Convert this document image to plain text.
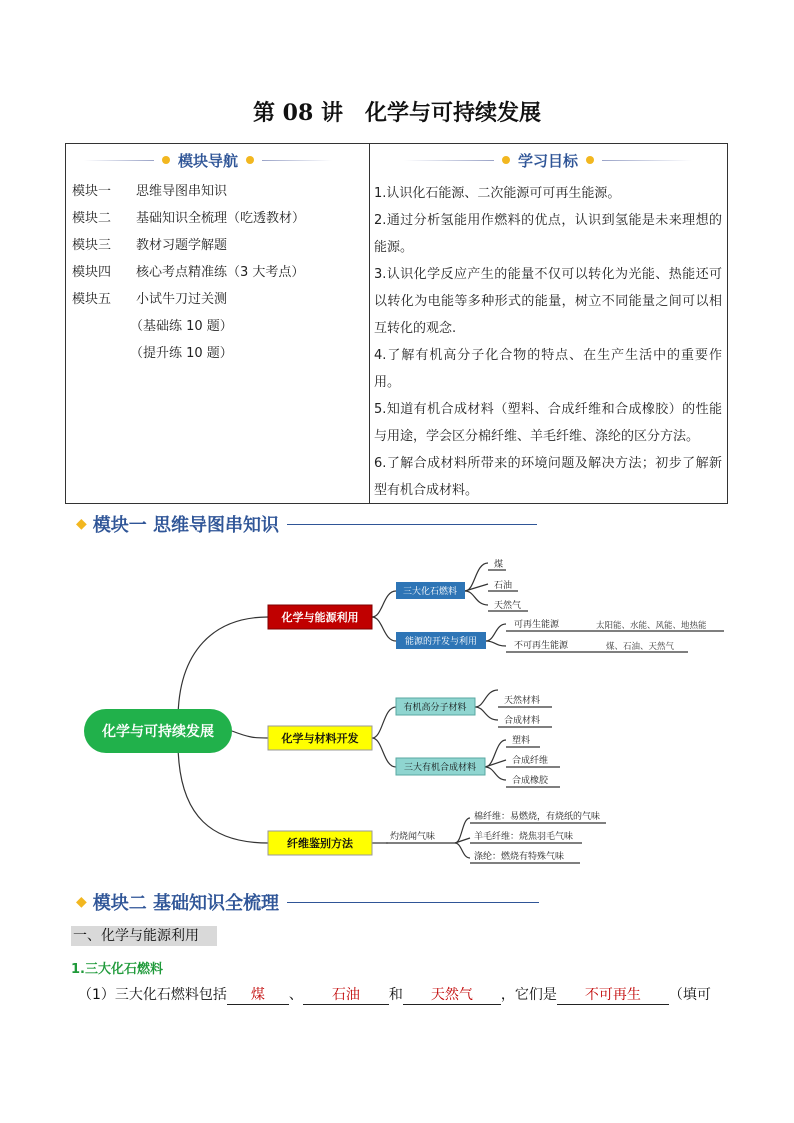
第 08 讲 化学与可持续发展
模块导航
模块一 思维导图串知识
模块二 基础知识全梳理（吃透教材）
模块三 教材习题学解题
模块四 核心考点精准练（3 大考点）
模块五 小试牛刀过关测
（基础练 10 题）
（提升练 10 题）
学习目标

1.认识化石能源、二次能源可可再生能源。

2.通过分析氢能用作燃料的优点，认识到氢能是未来理想的能源。

3.认识化学反应产生的能量不仅可以转化为光能、热能还可以转化为电能等多种形式的能量，树立不同能量之间可以相互转化的观念.

4.了解有机高分子化合物的特点、在生产生活中的重要作用。

5.知道有机合成材料（塑料、合成纤维和合成橡胶）的性能与用途，学会区分棉纤维、羊毛纤维、涤纶的区分方法。

6.了解合成材料所带来的环境问题及解决方法；初步了解新型有机合成材料。

◆ 模块一 思维导图串知识
化学与可持续发展
化学与能源利用
化学与材料开发
纤维鉴别方法
三大化石燃料
能源的开发与利用
煤
石油
天然气
可再生能源	太阳能、水能、风能、地热能
不可再生能源	煤、石油、天然气
有机高分子材料
三大有机合成材料
天然材料
合成材料
塑料
合成纤维
合成橡胶
灼烧闻气味
棉纤维：易燃烧，有烧纸的气味
羊毛纤维：烧焦羽毛气味
涤纶：燃烧有特殊气味
◆ 模块二 基础知识全梳理
一、化学与能源利用
1.三大化石燃料
（1）三大化石燃料包括 煤 、 石油 和 天然气 ，它们是 不可再生 （填可
